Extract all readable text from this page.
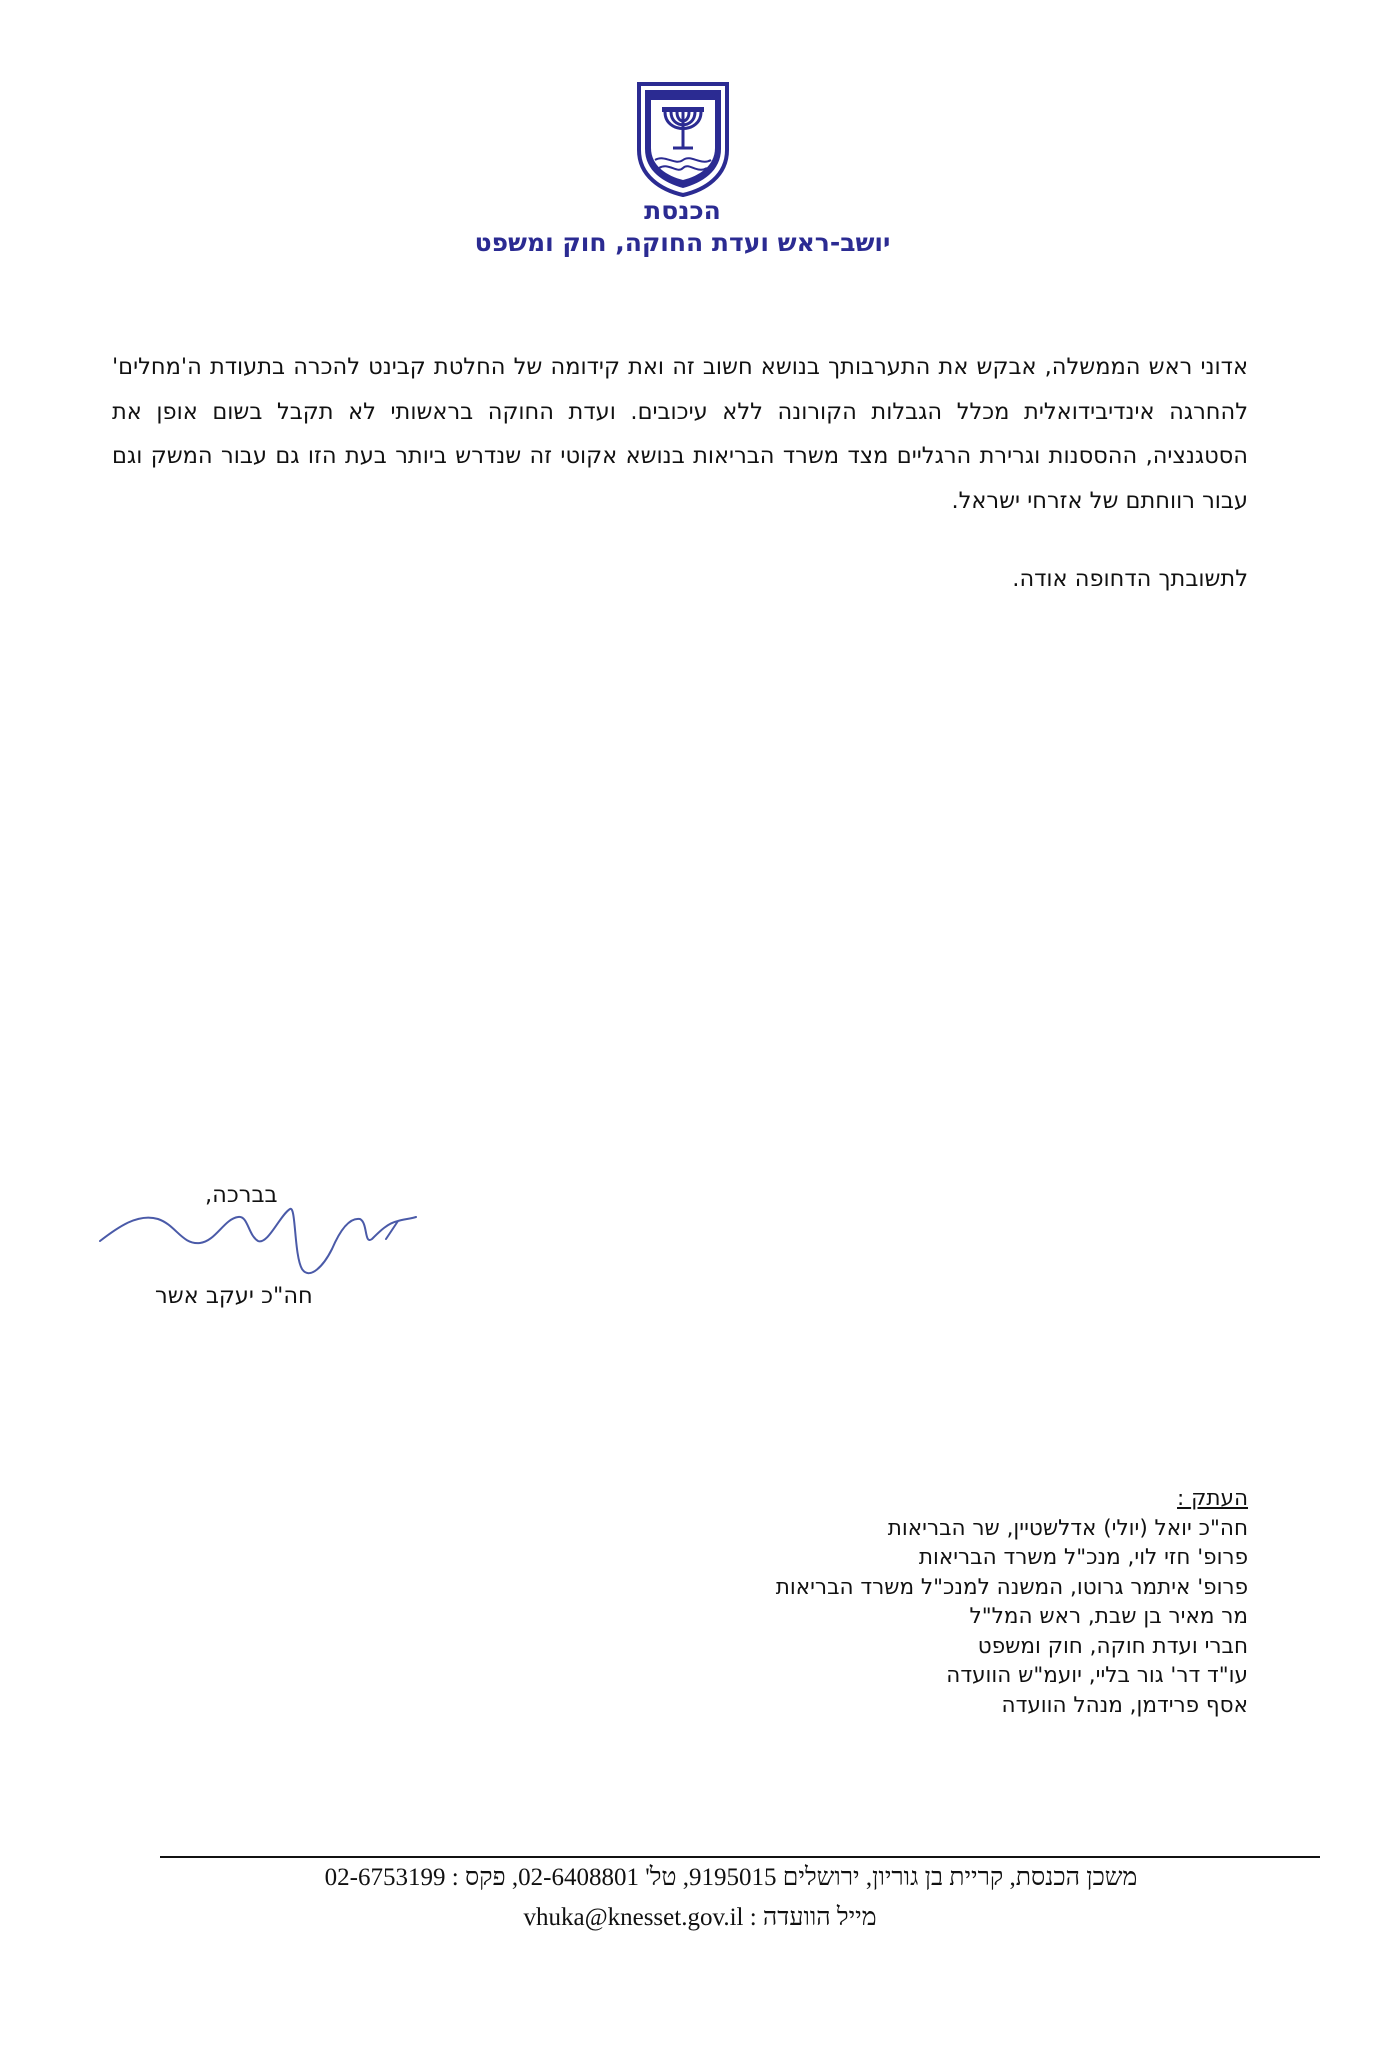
הכנסת
יושב-ראש ועדת החוקה, חוק ומשפט

אדוני ראש הממשלה, אבקש את התערבותך בנושא חשוב זה ואת קידומה של החלטת קבינט להכרה בתעודת ה'מחלים' להחרגה אינדיבידואלית מכלל הגבלות הקורונה ללא עיכובים. ועדת החוקה בראשותי לא תקבל בשום אופן את הסטגנציה, ההססנות וגרירת הרגליים מצד משרד הבריאות בנושא אקוטי זה שנדרש ביותר בעת הזו גם עבור המשק וגם עבור רווחתם של אזרחי ישראל.

לתשובתך הדחופה אודה.
בברכה,
חה"כ יעקב אשר
העתק :
חה"כ יואל (יולי) אדלשטיין, שר הבריאות
פרופ' חזי לוי, מנכ"ל משרד הבריאות
פרופ' איתמר גרוטו, המשנה למנכ"ל משרד הבריאות
מר מאיר בן שבת, ראש המל"ל
חברי ועדת חוקה, חוק ומשפט
עו"ד דר' גור בליי, יועמ"ש הוועדה
אסף פרידמן, מנהל הוועדה
משכן הכנסת, קריית בן גוריון, ירושלים 9195015, טל' 02-6408801, פקס : 02-6753199
מייל הוועדה : vhuka@knesset.gov.il
